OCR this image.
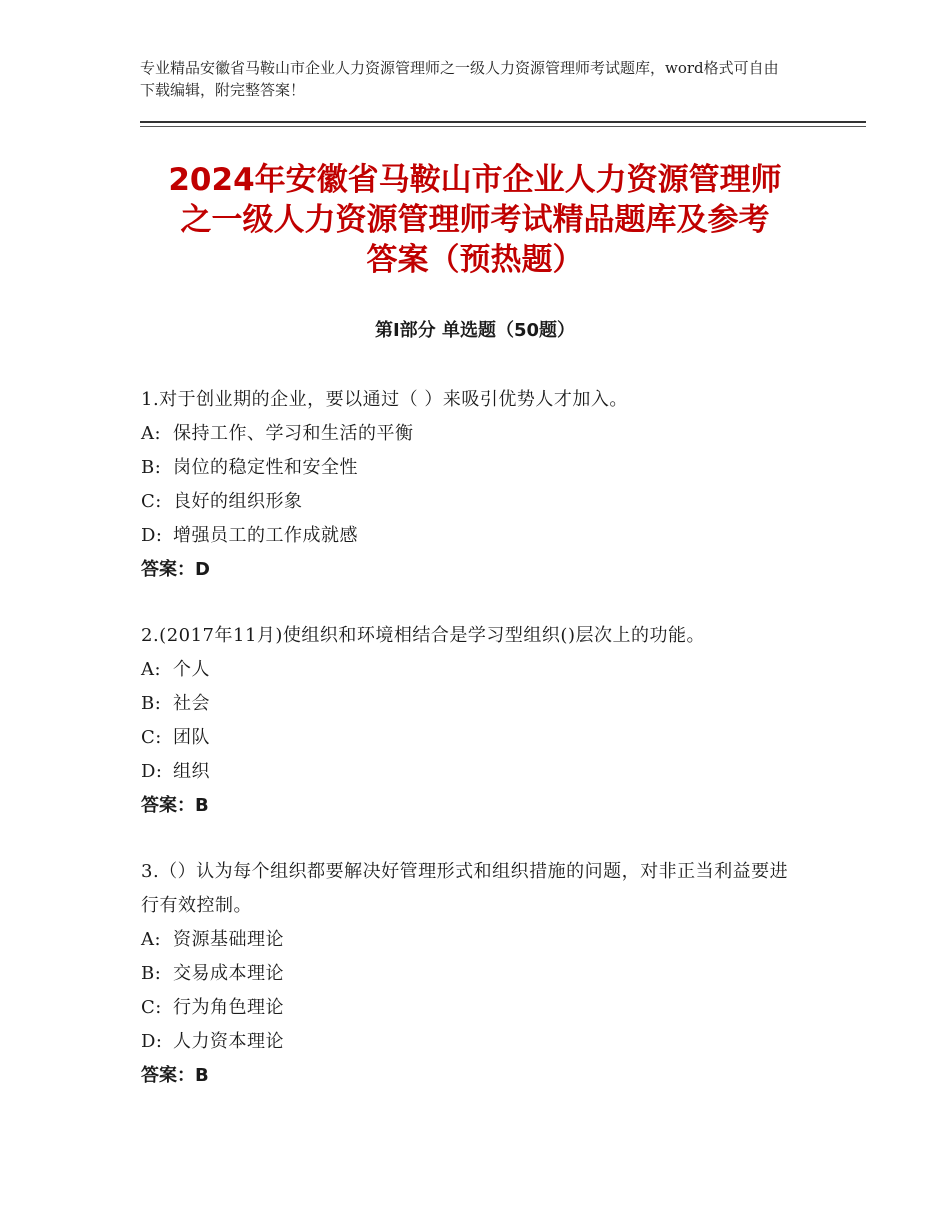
专业精品安徽省马鞍山市企业人力资源管理师之一级人力资源管理师考试题库，word格式可自由下载编辑，附完整答案！
2024年安徽省马鞍山市企业人力资源管理师
之一级人力资源管理师考试精品题库及参考
答案（预热题）
第Ⅰ部分 单选题（50题）
1.对于创业期的企业，要以通过（ ）来吸引优势人才加入。
A: 保持工作、学习和生活的平衡
B: 岗位的稳定性和安全性
C: 良好的组织形象
D: 增强员工的工作成就感
答案：D
2.(2017年11月)使组织和环境相结合是学习型组织()层次上的功能。
A: 个人
B: 社会
C: 团队
D: 组织
答案：B
3.（）认为每个组织都要解决好管理形式和组织措施的问题，对非正当利益要进行有效控制。
A: 资源基础理论
B: 交易成本理论
C: 行为角色理论
D: 人力资本理论
答案：B
